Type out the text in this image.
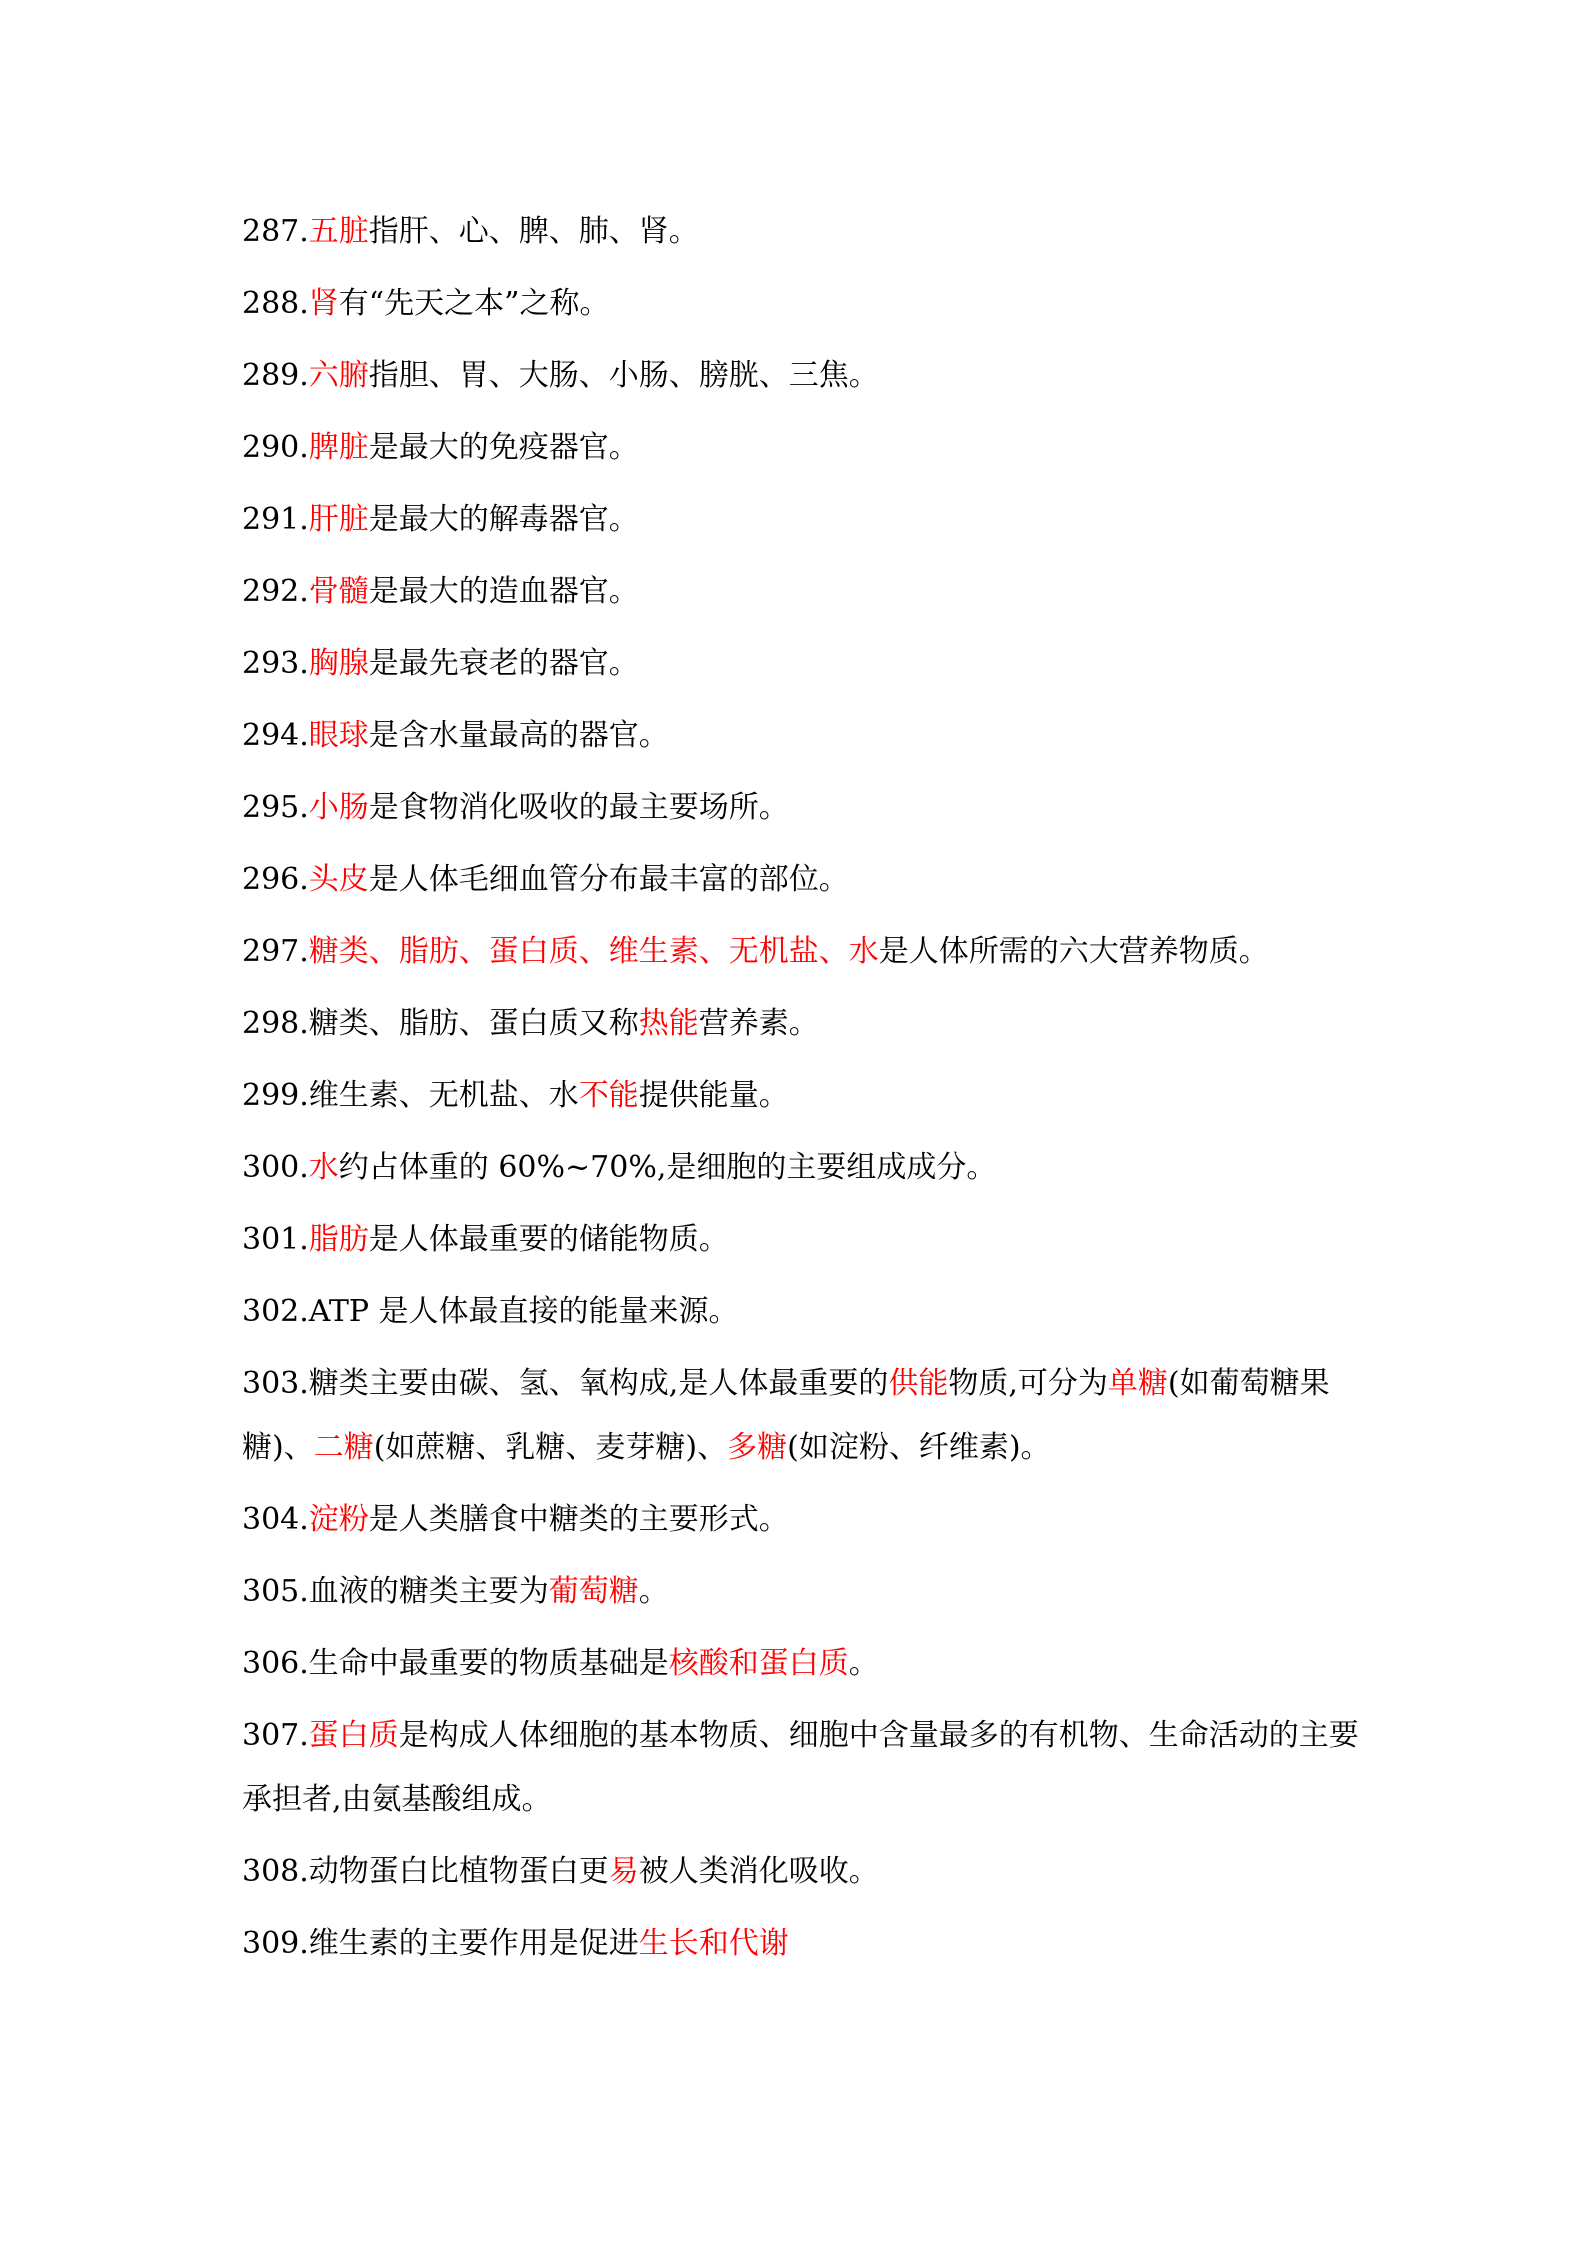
287.五脏指肝、心、脾、肺、肾。
288.肾有“先天之本”之称。
289.六腑指胆、胃、大肠、小肠、膀胱、三焦。
290.脾脏是最大的免疫器官。
291.肝脏是最大的解毒器官。
292.骨髓是最大的造血器官。
293.胸腺是最先衰老的器官。
294.眼球是含水量最高的器官。
295.小肠是食物消化吸收的最主要场所。
296.头皮是人体毛细血管分布最丰富的部位。
297.糖类、脂肪、蛋白质、维生素、无机盐、水是人体所需的六大营养物质。
298.糖类、脂肪、蛋白质又称热能营养素。
299.维生素、无机盐、水不能提供能量。
300.水约占体重的 60%~70%,是细胞的主要组成成分。
301.脂肪是人体最重要的储能物质。
302.ATP 是人体最直接的能量来源。
303.糖类主要由碳、氢、氧构成,是人体最重要的供能物质,可分为单糖(如葡萄糖果糖)、二糖(如蔗糖、乳糖、麦芽糖)、多糖(如淀粉、纤维素)。
304.淀粉是人类膳食中糖类的主要形式。
305.血液的糖类主要为葡萄糖。
306.生命中最重要的物质基础是核酸和蛋白质。
307.蛋白质是构成人体细胞的基本物质、细胞中含量最多的有机物、生命活动的主要承担者,由氨基酸组成。
308.动物蛋白比植物蛋白更易被人类消化吸收。
309.维生素的主要作用是促进生长和代谢
